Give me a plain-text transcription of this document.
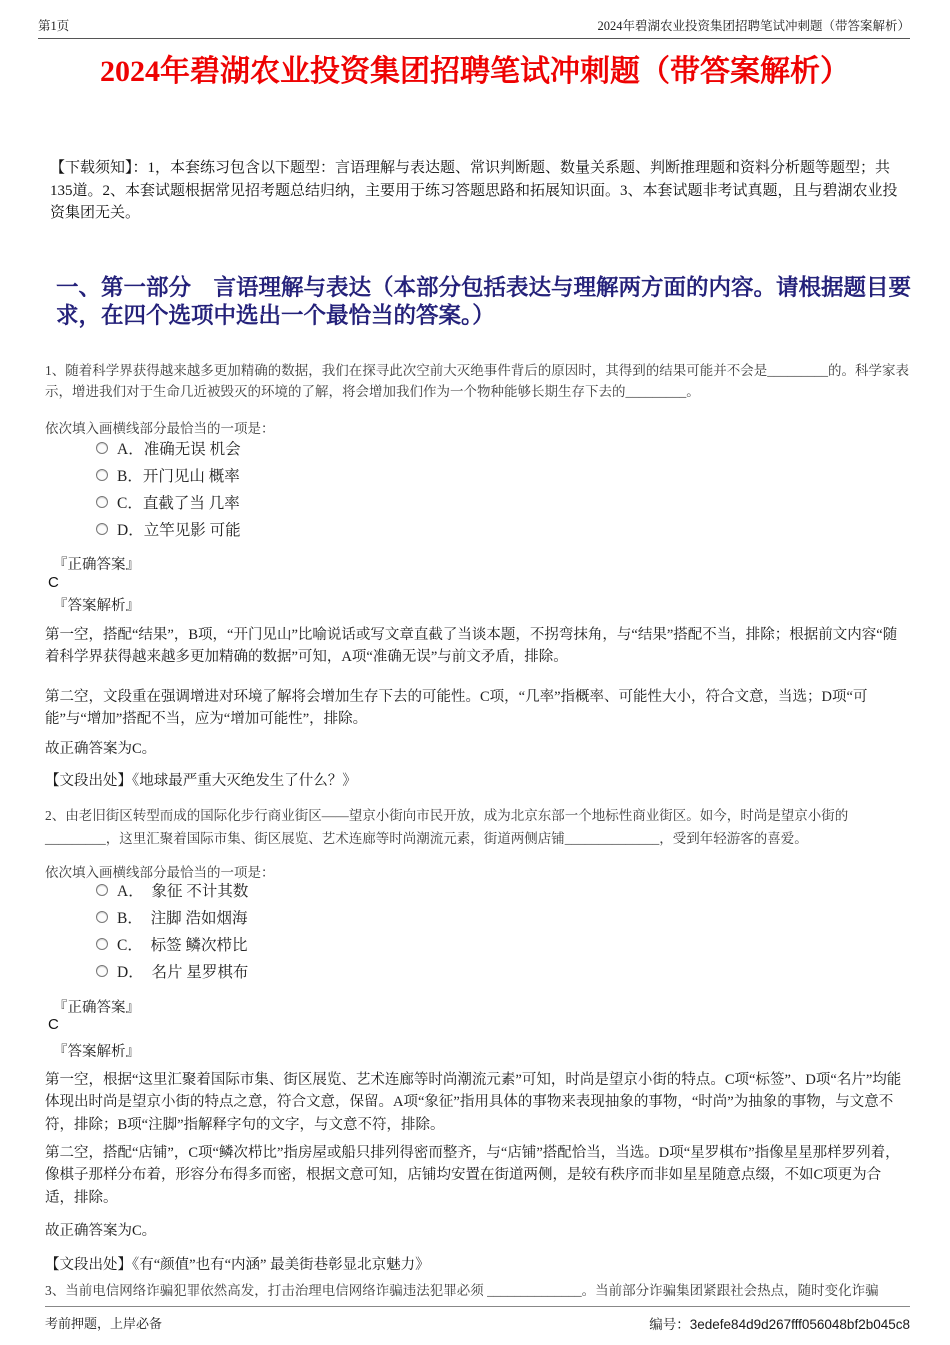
第1页	2024年碧湖农业投资集团招聘笔试冲刺题（带答案解析）
2024年碧湖农业投资集团招聘笔试冲刺题（带答案解析）

【下载须知】：1，本套练习包含以下题型：言语理解与表达题、常识判断题、数量关系题、判断推理题和资料分析题等题型；共135道。2、本套试题根据常见招考题总结归纳，主要用于练习答题思路和拓展知识面。3、本套试题非考试真题，且与碧湖农业投资集团无关。

一、第一部分　言语理解与表达（本部分包括表达与理解两方面的内容。请根据题目要求，在四个选项中选出一个最恰当的答案。）

1、随着科学界获得越来越多更加精确的数据，我们在探寻此次空前大灭绝事件背后的原因时，其得到的结果可能并不会是_________的。科学家表示，增进我们对于生命几近被毁灭的环境的了解，将会增加我们作为一个物种能够长期生存下去的_________。

依次填入画横线部分最恰当的一项是：

A．准确无误 机会
B．开门见山 概率
C．直截了当 几率
D．立竿见影 可能

『正确答案』

C

『答案解析』

第一空，搭配“结果”，B项，“开门见山”比喻说话或写文章直截了当谈本题，不拐弯抹角，与“结果”搭配不当，排除；根据前文内容“随着科学界获得越来越多更加精确的数据”可知，A项“准确无误”与前文矛盾，排除。

第二空，文段重在强调增进对环境了解将会增加生存下去的可能性。C项，“几率”指概率、可能性大小，符合文意，当选；D项“可能”与“增加”搭配不当，应为“增加可能性”，排除。

故正确答案为C。

【文段出处】《地球最严重大灭绝发生了什么？》

2、由老旧街区转型而成的国际化步行商业街区——望京小街向市民开放，成为北京东部一个地标性商业街区。如今，时尚是望京小街的_________，这里汇聚着国际市集、街区展览、艺术连廊等时尚潮流元素，街道两侧店铺______________，受到年轻游客的喜爱。

依次填入画横线部分最恰当的一项是：

A．　象征 不计其数
B．　注脚 浩如烟海
C．　标签 鳞次栉比
D．　名片 星罗棋布

『正确答案』

C

『答案解析』

第一空，根据“这里汇聚着国际市集、街区展览、艺术连廊等时尚潮流元素”可知，时尚是望京小街的特点。C项“标签”、D项“名片”均能体现出时尚是望京小街的特点之意，符合文意，保留。A项“象征”指用具体的事物来表现抽象的事物，“时尚”为抽象的事物，与文意不符，排除；B项“注脚”指解释字句的文字，与文意不符，排除。

第二空，搭配“店铺”，C项“鳞次栉比”指房屋或船只排列得密而整齐，与“店铺”搭配恰当，当选。D项“星罗棋布”指像星星那样罗列着，像棋子那样分布着，形容分布得多而密，根据文意可知，店铺均安置在街道两侧，是较有秩序而非如星星随意点缀，不如C项更为合适，排除。

故正确答案为C。

【文段出处】《有“颜值”也有“内涵” 最美街巷彰显北京魅力》

3、当前电信网络诈骗犯罪依然高发，打击治理电信网络诈骗违法犯罪必须 ______________。当前部分诈骗集团紧跟社会热点，随时变化诈骗

考前押题，上岸必备	编号：3edefe84d9d267fff056048bf2b045c8
